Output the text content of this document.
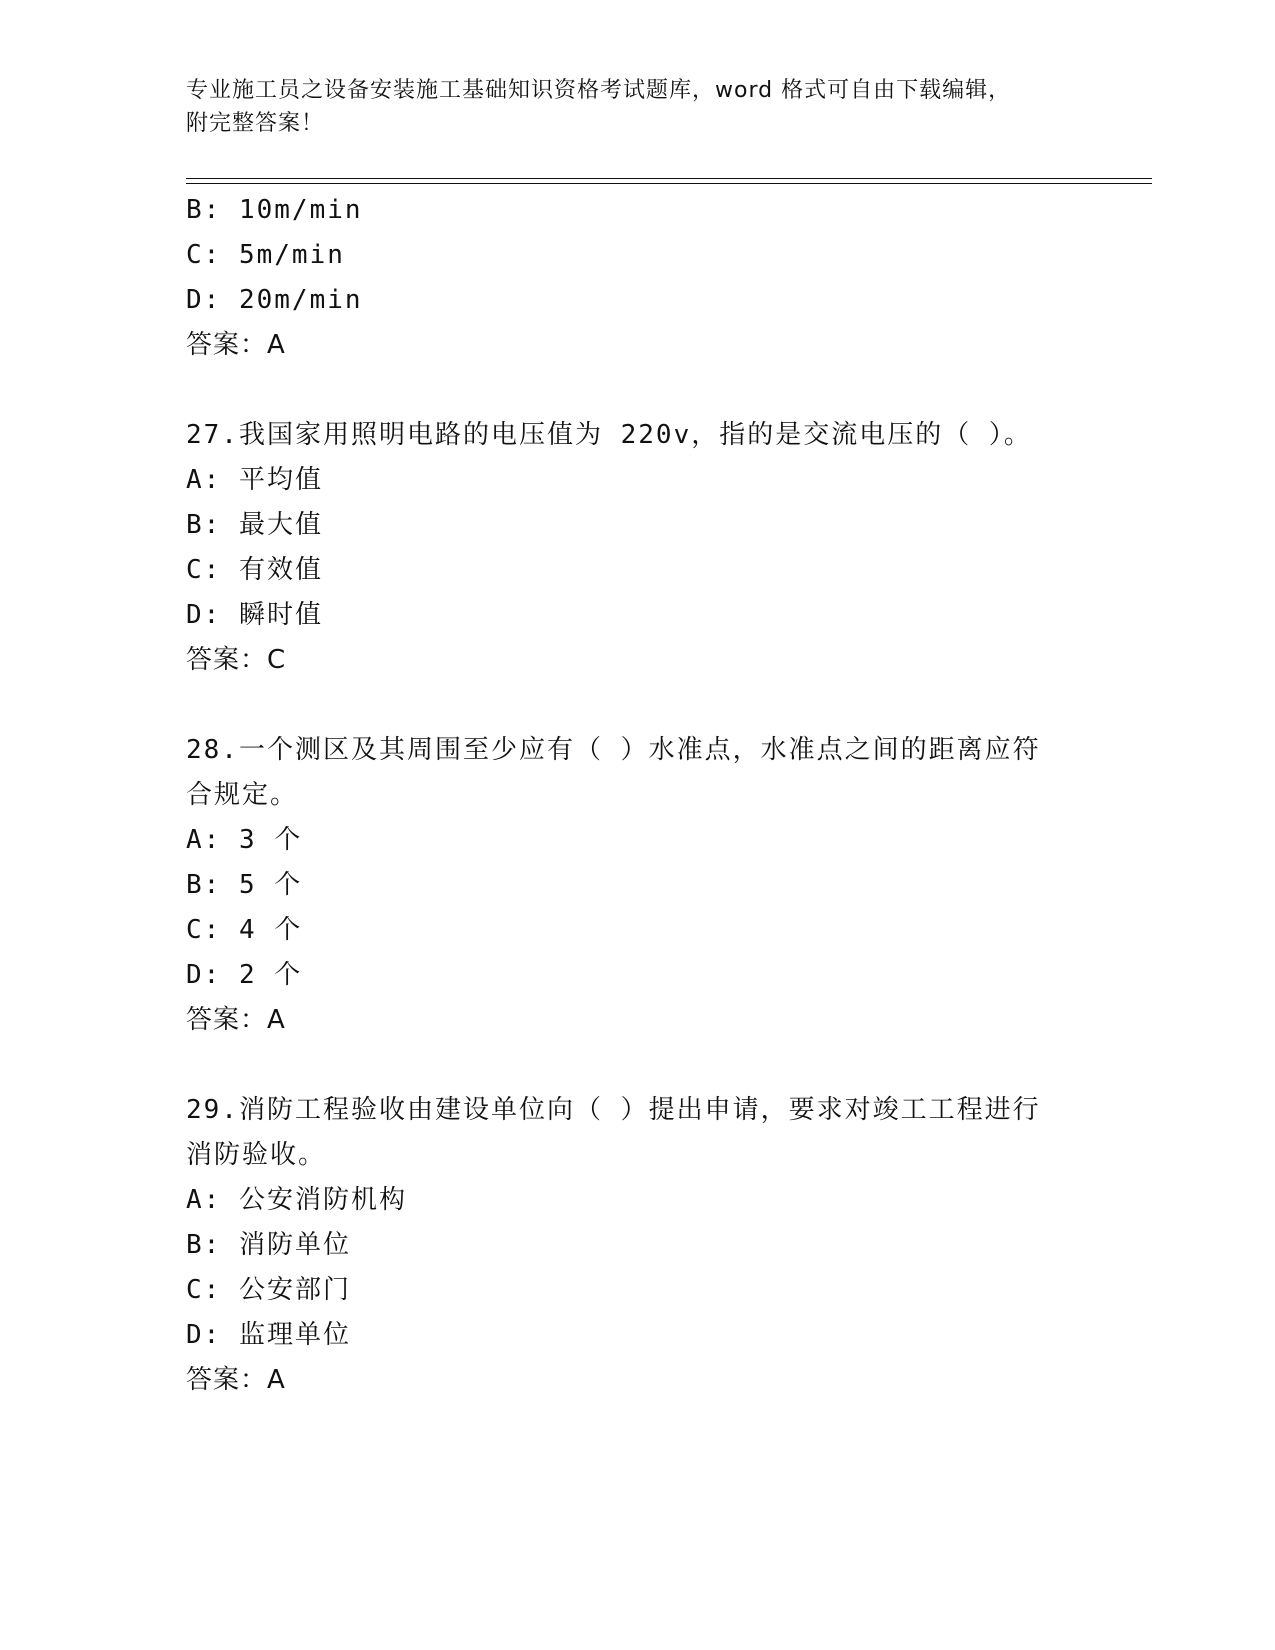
专业施工员之设备安装施工基础知识资格考试题库，word 格式可自由下载编辑，
附完整答案！
B: 10m/min
C: 5m/min
D: 20m/min
答案：A
27.我国家用照明电路的电压值为 220v，指的是交流电压的（ ）。
A: 平均值
B: 最大值
C: 有效值
D: 瞬时值
答案：C
28.一个测区及其周围至少应有（ ）水准点，水准点之间的距离应符
合规定。
A: 3 个
B: 5 个
C: 4 个
D: 2 个
答案：A
29.消防工程验收由建设单位向（ ）提出申请，要求对竣工工程进行
消防验收。
A: 公安消防机构
B: 消防单位
C: 公安部门
D: 监理单位
答案：A
